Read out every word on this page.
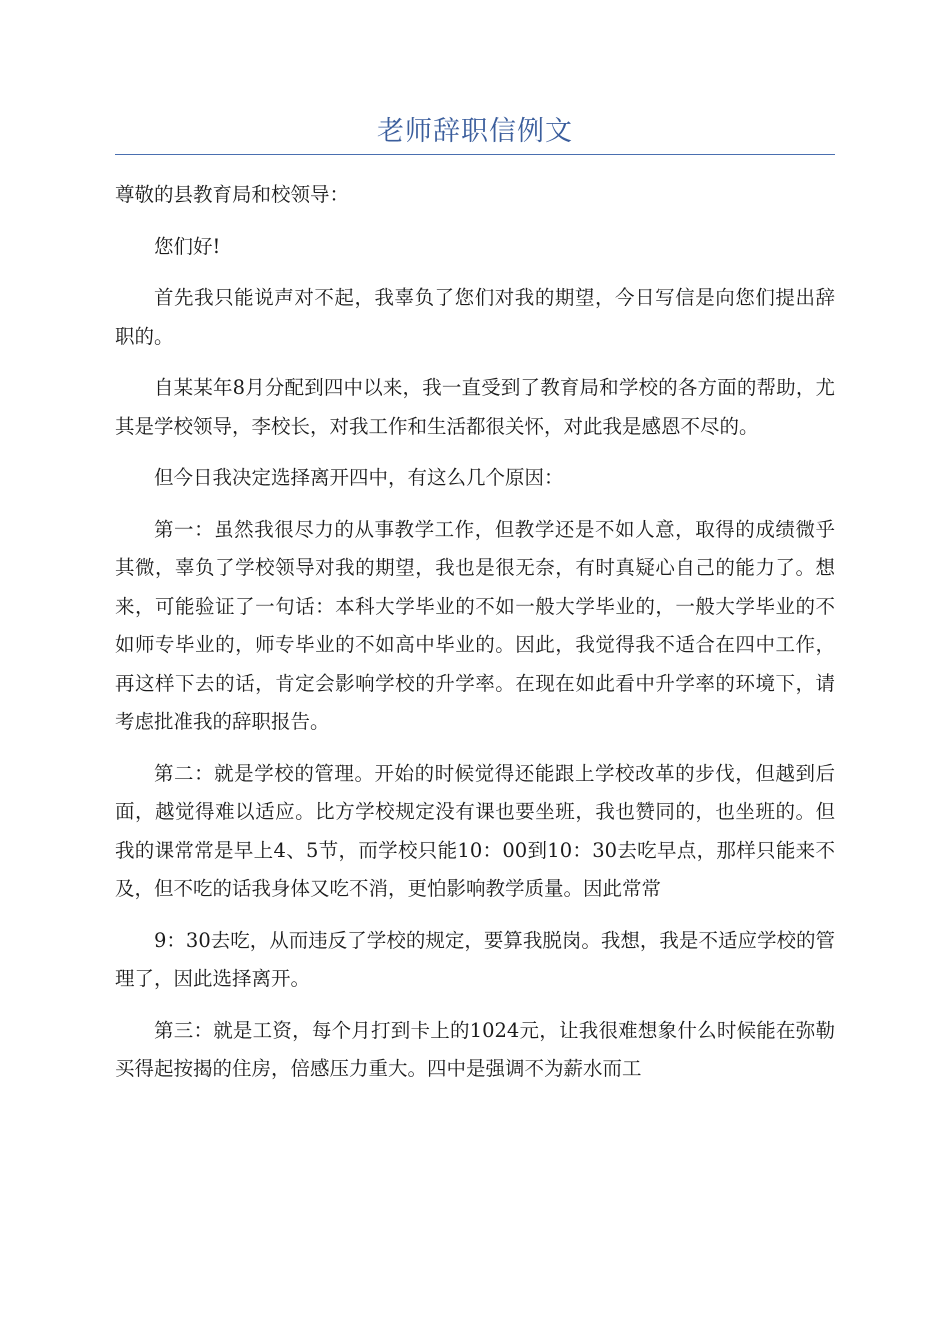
老师辞职信例文

尊敬的县教育局和校领导：

您们好!

首先我只能说声对不起，我辜负了您们对我的期望，今日写信是向您们提出辞职的。

自某某年8月分配到四中以来，我一直受到了教育局和学校的各方面的帮助，尤其是学校领导，李校长，对我工作和生活都很关怀，对此我是感恩不尽的。

但今日我决定选择离开四中，有这么几个原因：

第一：虽然我很尽力的从事教学工作，但教学还是不如人意，取得的成绩微乎其微，辜负了学校领导对我的期望，我也是很无奈，有时真疑心自己的能力了。想来，可能验证了一句话：本科大学毕业的不如一般大学毕业的，一般大学毕业的不如师专毕业的，师专毕业的不如高中毕业的。因此，我觉得我不适合在四中工作，再这样下去的话，肯定会影响学校的升学率。在现在如此看中升学率的环境下，请考虑批准我的辞职报告。

第二：就是学校的管理。开始的时候觉得还能跟上学校改革的步伐，但越到后面，越觉得难以适应。比方学校规定没有课也要坐班，我也赞同的，也坐班的。但我的课常常是早上4、5节，而学校只能10：00到10：30去吃早点，那样只能来不及，但不吃的话我身体又吃不消，更怕影响教学质量。因此常常

9：30去吃，从而违反了学校的规定，要算我脱岗。我想，我是不适应学校的管理了，因此选择离开。

第三：就是工资，每个月打到卡上的1024元，让我很难想象什么时候能在弥勒买得起按揭的住房，倍感压力重大。四中是强调不为薪水而工
